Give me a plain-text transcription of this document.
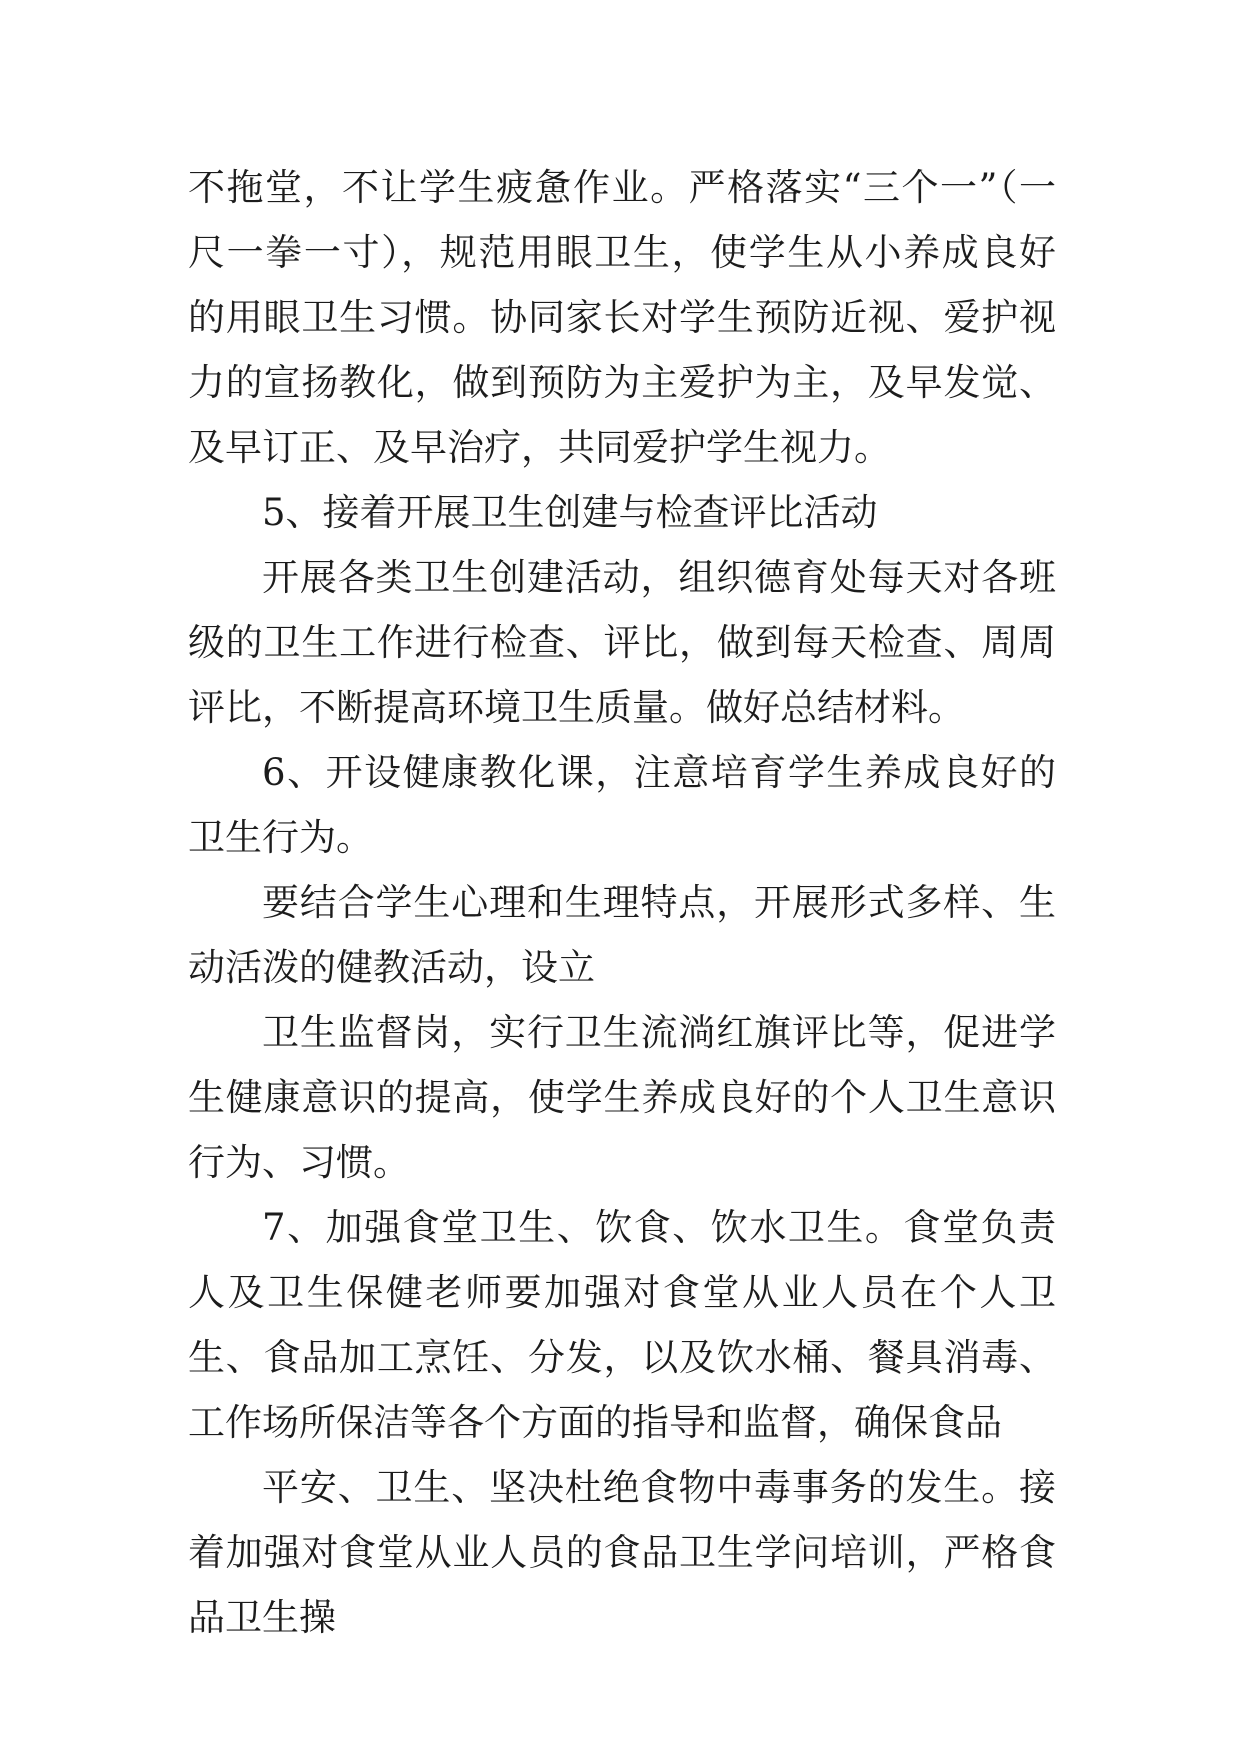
不拖堂，不让学生疲惫作业。严格落实“三个一”（一尺一拳一寸），规范用眼卫生，使学生从小养成良好的用眼卫生习惯。协同家长对学生预防近视、爱护视力的宣扬教化，做到预防为主爱护为主，及早发觉、及早订正、及早治疗，共同爱护学生视力。

5、接着开展卫生创建与检查评比活动

开展各类卫生创建活动，组织德育处每天对各班级的卫生工作进行检查、评比，做到每天检查、周周评比，不断提高环境卫生质量。做好总结材料。

6、开设健康教化课，注意培育学生养成良好的卫生行为。

要结合学生心理和生理特点，开展形式多样、生动活泼的健教活动，设立

卫生监督岗，实行卫生流淌红旗评比等，促进学生健康意识的提高，使学生养成良好的个人卫生意识行为、习惯。

7、加强食堂卫生、饮食、饮水卫生。食堂负责人及卫生保健老师要加强对食堂从业人员在个人卫生、食品加工烹饪、分发，以及饮水桶、餐具消毒、工作场所保洁等各个方面的指导和监督，确保食品

平安、卫生、坚决杜绝食物中毒事务的发生。接着加强对食堂从业人员的食品卫生学问培训，严格食品卫生操
